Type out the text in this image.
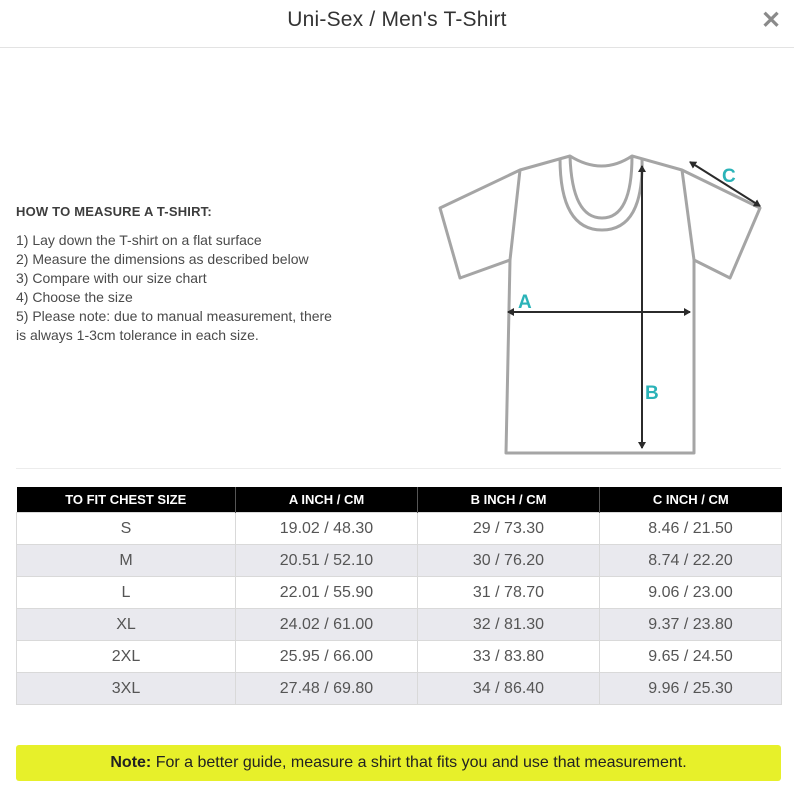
Uni-Sex / Men's T-Shirt	✕
HOW TO MEASURE A T-SHIRT:
1) Lay down the T-shirt on a flat surface
2) Measure the dimensions as described below
3) Compare with our size chart
4) Choose the size
5) Please note: due to manual measurement, there
is always 1-3cm tolerance in each size.
A
B
C
TO FIT CHEST SIZE	A INCH / CM	B INCH / CM	C INCH / CM
S	19.02 / 48.30	29 / 73.30	8.46 / 21.50
M	20.51 / 52.10	30 / 76.20	8.74 / 22.20
L	22.01 / 55.90	31 / 78.70	9.06 / 23.00
XL	24.02 / 61.00	32 / 81.30	9.37 / 23.80
2XL	25.95 / 66.00	33 / 83.80	9.65 / 24.50
3XL	27.48 / 69.80	34 / 86.40	9.96 / 25.30
Note: For a better guide, measure a shirt that fits you and use that measurement.
